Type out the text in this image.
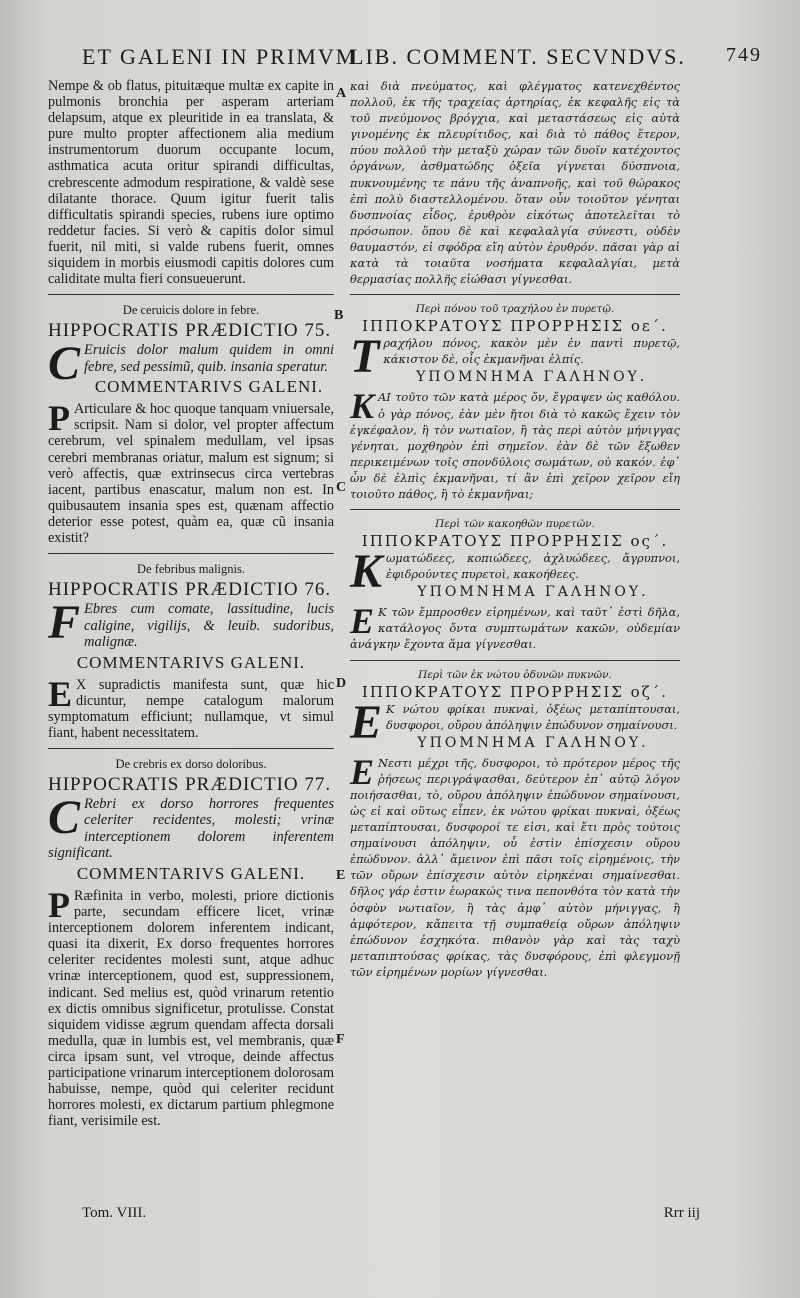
ET GALENI IN PRIMVM
LIB. COMMENT. SECVNDVS. 749
A
B
C
D
E
F

Nempe & ob flatus, pituitæque multæ ex capite in pulmonis bronchia per asperam arteriam delapsum, atque ex pleuritide in ea translata, & pure multo propter affectionem alia medium instrumentorum duorum occupante locum, asthmatica acuta oritur spirandi difficultas, crebrescente admodum respiratione, & valdè sese dilatante thorace. Quum igitur fuerit talis difficultatis spirandi species, rubens iure optimo reddetur facies. Si verò & capitis dolor simul fuerit, nil miti, si valde rubens fuerit, omnes siquidem in morbis eiusmodi capitis dolores cum caliditate multa fieri consueuerunt.

De ceruicis dolore in febre.
HIPPOCRATIS PRÆDICTIO 75.

C Eruicis dolor malum quidem in omni febre, sed pessimũ, quib. insania speratur.

COMMENTARIVS GALENI.

P Articulare & hoc quoque tanquam vniuersale, scripsit. Nam si dolor, vel propter affectum cerebrum, vel spinalem medullam, vel ipsas cerebri membranas oriatur, malum est signum; si verò affectis, quæ extrinsecus circa vertebras iacent, partibus enascatur, malum non est. In quibusautem insania spes est, quænam affectio deterior esse potest, quàm ea, quæ cũ insania existit?

De febribus malignis.
HIPPOCRATIS PRÆDICTIO 76.

F Ebres cum comate, lassitudine, lucis caligine, vigilijs, & leuib. sudoribus, malignæ.

COMMENTARIVS GALENI.

E X supradictis manifesta sunt, quæ hic dicuntur, nempe catalogum malorum symptomatum efficiunt; nullamque, vt simul fiant, habent necessitatem.

De crebris ex dorso doloribus.
HIPPOCRATIS PRÆDICTIO 77.

C Rebri ex dorso horrores frequentes celeriter recidentes, molesti; vrinæ interceptionem dolorem inferentem significant.

COMMENTARIVS GALENI.

P Ræfinita in verbo, molesti, priore dictionis parte, secundam efficere licet, vrinæ interceptionem dolorem inferentem indicant, quasi ita dixerit, Ex dorso frequentes horrores celeriter recidentes molesti sunt, atque adhuc vrinæ interceptionem, quod est, suppressionem, indicant. Sed melius est, quòd vrinarum retentio ex dictis omnibus significetur, protulisse. Constat siquidem vidisse ægrum quendam affecta dorsali medulla, quæ in lumbis est, vel membranis, quæ circa ipsam sunt, vel vtroque, deinde affectus participatione vrinarum interceptionem dolorosam habuisse, nempe, quòd qui celeriter recidunt horrores molesti, ex dictarum partium phlegmone fiant, verisimile est.

καὶ διὰ πνεύματος, καὶ φλέγματος κατενεχθέντος πολλοῦ, ἐκ τῆς τραχείας ἀρτηρίας, ἐκ κεφαλῆς εἰς τὰ τοῦ πνεύμονος βρόγχια, καὶ μεταστάσεως εἰς αὐτὰ γινομένης ἐκ πλευρίτιδος, καὶ διὰ τὸ πάθος ἕτερον, πύου πολλοῦ τὴν μεταξὺ χώραν τῶν δυοῖν κατέχοντος ὀργάνων, ἀσθματώδης ὀξεῖα γίγνεται δύσπνοια, πυκνουμένης τε πάνυ τῆς ἀναπνοῆς, καὶ τοῦ θώρακος ἐπὶ πολὺ διαστελλομένου. ὅταν οὖν τοιοῦτον γένηται δυσπνοίας εἶδος, ἐρυθρὸν εἰκότως ἀποτελεῖται τὸ πρόσωπον. ὅπου δὲ καὶ κεφαλαλγία σύνεστι, οὐδὲν θαυμαστόν, εἰ σφόδρα εἴη αὐτὸν ἐρυθρόν. πᾶσαι γὰρ αἱ κατὰ τὰ τοιαῦτα νοσήματα κεφαλαλγίαι, μετὰ θερμασίας πολλῆς εἰώθασι γίγνεσθαι.

Περὶ πόνου τοῦ τραχήλου ἐν πυρετῷ.
ΙΠΠΟΚΡΑΤΟΥΣ ΠΡΟΡΡΗΣΙΣ οε΄.

Τραχήλου πόνος, κακὸν μὲν ἐν παντὶ πυρετῷ, κάκιστον δὲ, οἷς ἐκμανῆναι ἐλπίς.

ΥΠΟΜΝΗΜΑ ΓΑΛΗΝΟΥ.

ΚΑΙ τοῦτο τῶν κατὰ μέρος ὄν, ἔγραψεν ὡς καθόλου. ὁ γὰρ πόνος, ἐὰν μὲν ἤτοι διὰ τὸ κακῶς ἔχειν τὸν ἐγκέφαλον, ἢ τὸν νωτιαῖον, ἢ τὰς περὶ αὐτὸν μήνιγγας γένηται, μοχθηρὸν ἐπὶ σημεῖον. ἐὰν δὲ τῶν ἔξωθεν περικειμένων τοῖς σπονδύλοις σωμάτων, οὐ κακόν. ἐφ᾽ ὧν δὲ ἐλπὶς ἐκμανῆναι, τί ἂν ἐπὶ χεῖρον χεῖρον εἴη τοιοῦτο πάθος, ἢ τὸ ἐκμανῆναι;

Περὶ τῶν κακοηθῶν πυρετῶν.
ΙΠΠΟΚΡΑΤΟΥΣ ΠΡΟΡΡΗΣΙΣ ος΄.

Κωματώδεες, κοπιώδεες, ἀχλυώδεες, ἄγρυπνοι, ἐφιδρούντες πυρετοὶ, κακοήθεες.

ΥΠΟΜΝΗΜΑ ΓΑΛΗΝΟΥ.

Ε Κ τῶν ἔμπροσθεν εἰρημένων, καὶ ταῦτ᾽ ἐστὶ δῆλα, κατάλογος ὄντα συμπτωμάτων κακῶν, οὐδεμίαν ἀνάγκην ἔχοντα ἅμα γίγνεσθαι.

Περὶ τῶν ἐκ νώτου ὀδυνῶν πυκνῶν.
ΙΠΠΟΚΡΑΤΟΥΣ ΠΡΟΡΡΗΣΙΣ οζ΄.

Ε Κ νώτου φρίκαι πυκναὶ, ὀξέως μεταπίπτουσαι, δυσφοροι, οὔρου ἀπόληψιν ἐπώδυνον σημαίνουσι.

ΥΠΟΜΝΗΜΑ ΓΑΛΗΝΟΥ.

Ε Νεστι μέχρι τῆς, δυσφοροι, τὸ πρότερον μέρος τῆς ῥήσεως περιγράψασθαι, δεύτερον ἐπ᾽ αὐτῷ λόγον ποιήσασθαι, τὸ, οὔρου ἀπόληψιν ἐπώδυνον σημαίνουσι, ὡς εἰ καὶ οὕτως εἶπεν, ἐκ νώτου φρίκαι πυκναὶ, ὀξέως μεταπίπτουσαι, δυσφοροί τε εἰσι, καὶ ἔτι πρὸς τούτοις σημαίνουσι ἀπόληψιν, οὗ ἐστὶν ἐπίσχεσιν οὔρου ἐπώδυνον. ἀλλ᾽ ἄμεινον ἐπὶ πᾶσι τοῖς εἰρημένοις, τὴν τῶν οὔρων ἐπίσχεσιν αὐτὸν εἰρηκέναι σημαίνεσθαι. δῆλος γάρ ἐστιν ἑωρακώς τινα πεπονθότα τὸν κατὰ τὴν ὀσφὺν νωτιαῖον, ἢ τὰς ἀμφ᾽ αὐτὸν μήνιγγας, ἢ ἀμφότερον, κἄπειτα τῇ συμπαθείᾳ οὔρων ἀπόληψιν ἐπώδυνον ἐσχηκότα. πιθανὸν γὰρ καὶ τὰς ταχὺ μεταπιπτούσας φρίκας, τὰς δυσφόρους, ἐπὶ φλεγμονῇ τῶν εἰρημένων μορίων γίγνεσθαι.

Tom. VIII.	Rrr iij
